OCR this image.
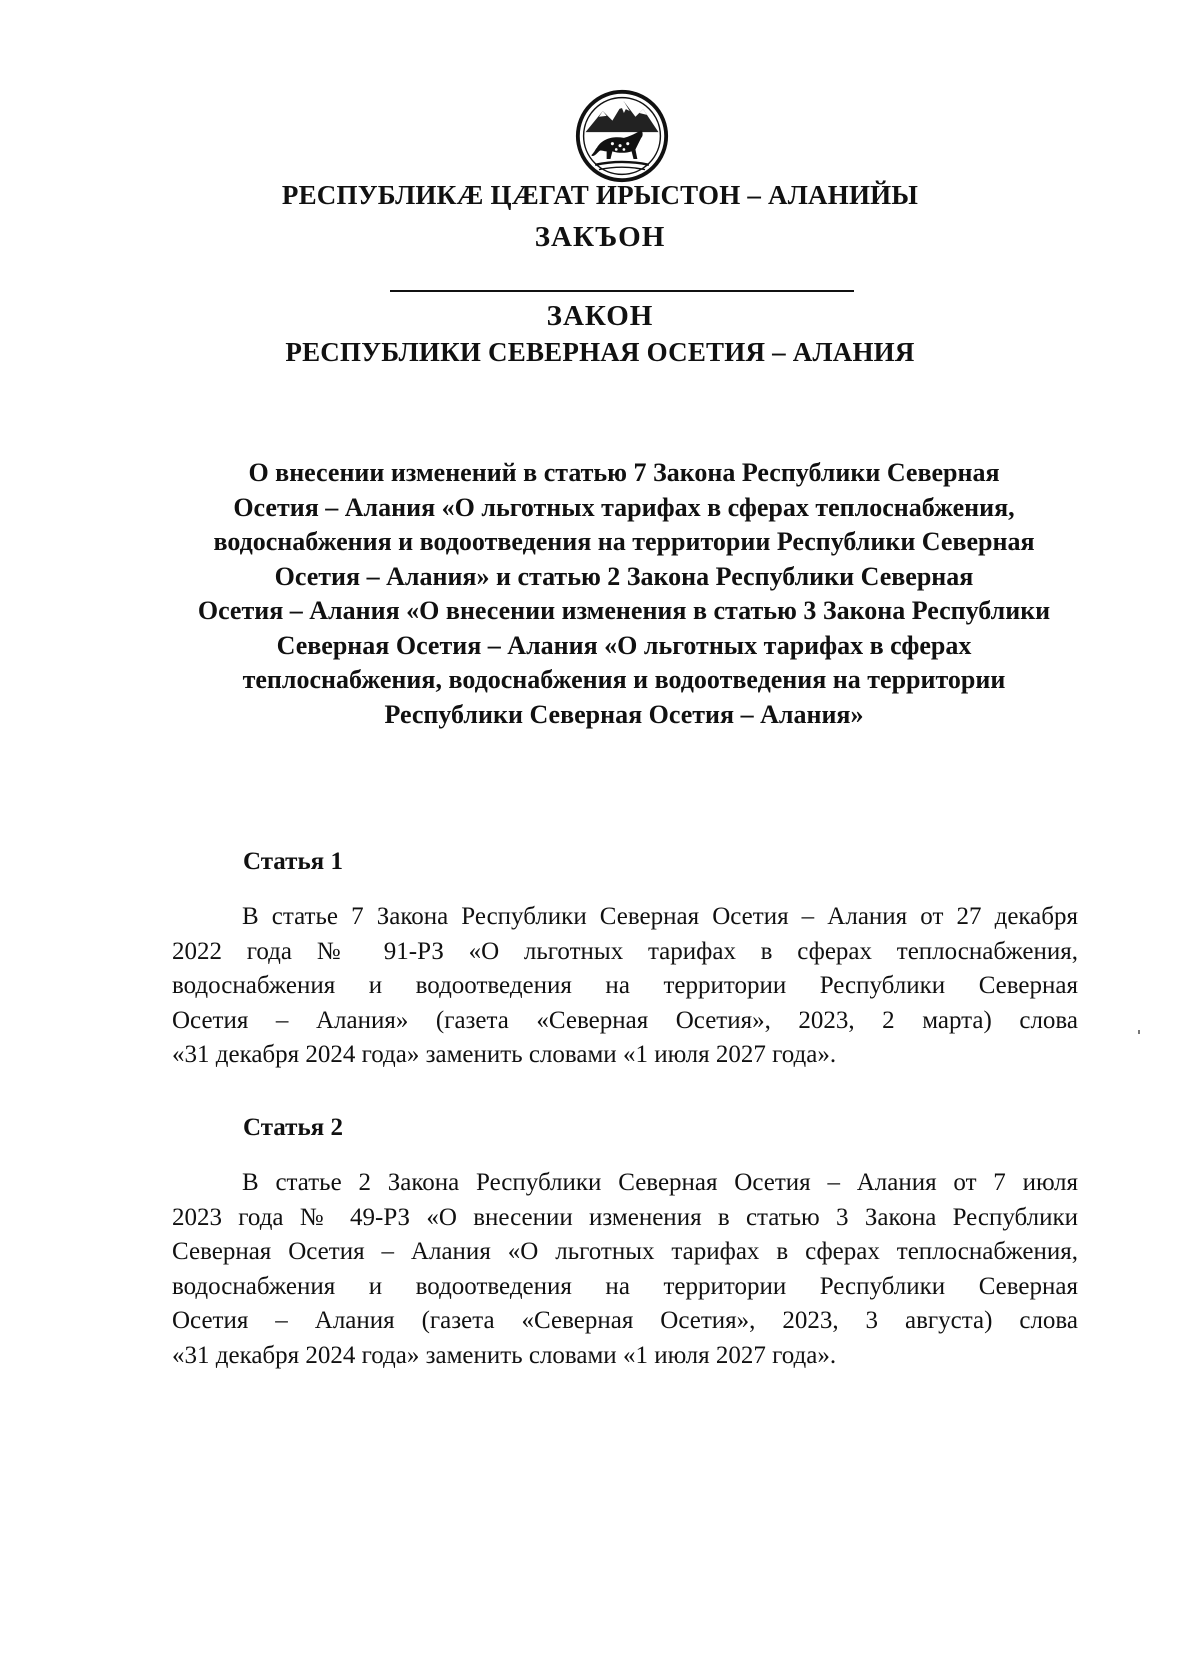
РЕСПУБЛИКÆ ЦÆГАТ ИРЫСТОН – АЛАНИЙЫ
ЗАКЪОН
ЗАКОН
РЕСПУБЛИКИ СЕВЕРНАЯ ОСЕТИЯ – АЛАНИЯ
О внесении изменений в статью 7 Закона Республики Северная
Осетия – Алания «О льготных тарифах в сферах теплоснабжения,
водоснабжения и водоотведения на территории Республики Северная
Осетия – Алания» и статью 2 Закона Республики Северная
Осетия – Алания «О внесении изменения в статью 3 Закона Республики
Северная Осетия – Алания «О льготных тарифах в сферах
теплоснабжения, водоснабжения и водоотведения на территории
Республики Северная Осетия – Алания»
Статья 1
В статье 7 Закона Республики Северная Осетия – Алания от 27 декабря
2022 года № 91-РЗ «О льготных тарифах в сферах теплоснабжения,
водоснабжения и водоотведения на территории Республики Северная
Осетия – Алания» (газета «Северная Осетия», 2023, 2 марта) слова
«31 декабря 2024 года» заменить словами «1 июля 2027 года».
Статья 2
В статье 2 Закона Республики Северная Осетия – Алания от 7 июля
2023 года № 49-РЗ «О внесении изменения в статью 3 Закона Республики
Северная Осетия – Алания «О льготных тарифах в сферах теплоснабжения,
водоснабжения и водоотведения на территории Республики Северная
Осетия – Алания (газета «Северная Осетия», 2023, 3 августа) слова
«31 декабря 2024 года» заменить словами «1 июля 2027 года».
